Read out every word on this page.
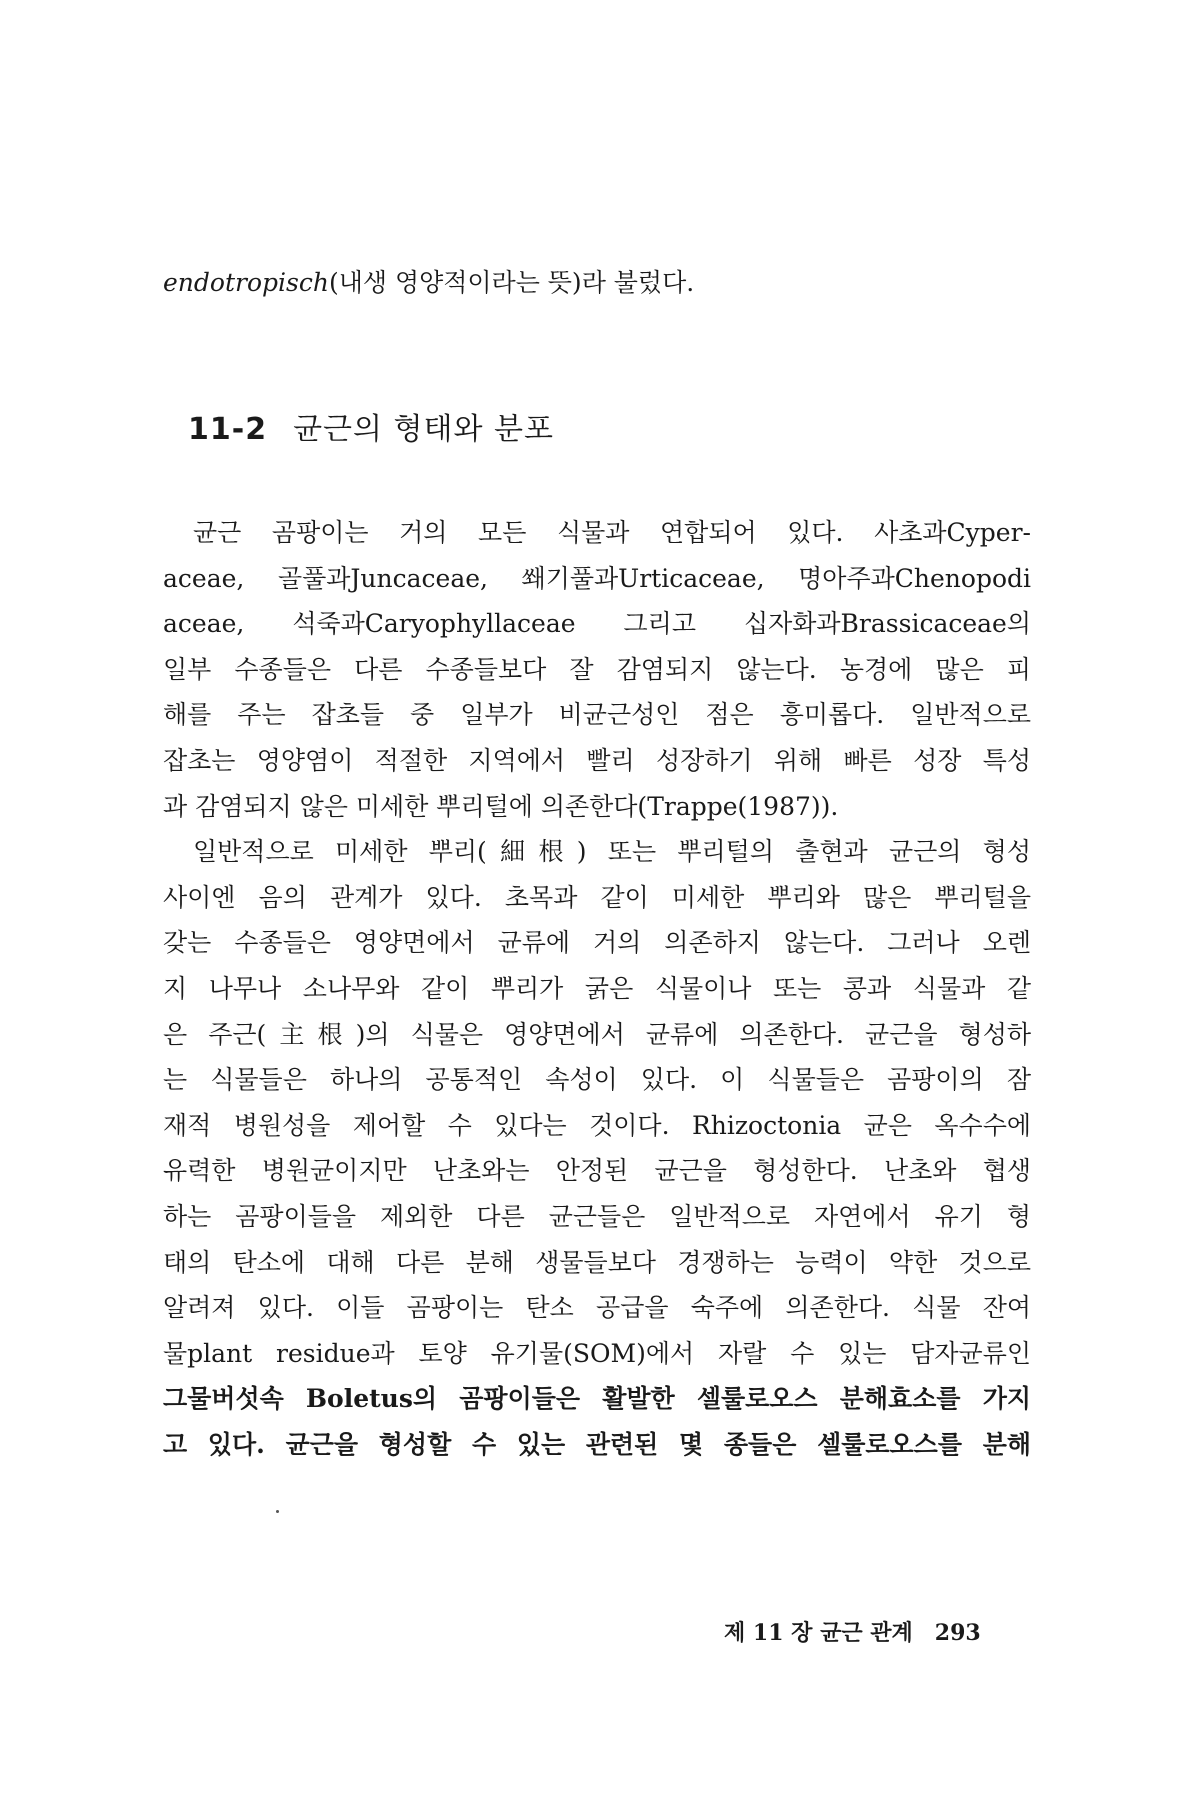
endotropisch(내생 영양적이라는 뜻)라 불렀다.
11-2 균근의 형태와 분포
균근 곰팡이는 거의 모든 식물과 연합되어 있다. 사초과Cyper-
aceae, 골풀과Juncaceae, 쐐기풀과Urticaceae, 명아주과Chenopodi
aceae, 석죽과Caryophyllaceae 그리고 십자화과Brassicaceae의
일부 수종들은 다른 수종들보다 잘 감염되지 않는다. 농경에 많은 피
해를 주는 잡초들 중 일부가 비균근성인 점은 흥미롭다. 일반적으로
잡초는 영양염이 적절한 지역에서 빨리 성장하기 위해 빠른 성장 특성
과 감염되지 않은 미세한 뿌리털에 의존한다(Trappe(1987)).
일반적으로 미세한 뿌리(細根) 또는 뿌리털의 출현과 균근의 형성
사이엔 음의 관계가 있다. 초목과 같이 미세한 뿌리와 많은 뿌리털을
갖는 수종들은 영양면에서 균류에 거의 의존하지 않는다. 그러나 오렌
지 나무나 소나무와 같이 뿌리가 굵은 식물이나 또는 콩과 식물과 같
은 주근(主根)의 식물은 영양면에서 균류에 의존한다. 균근을 형성하
는 식물들은 하나의 공통적인 속성이 있다. 이 식물들은 곰팡이의 잠
재적 병원성을 제어할 수 있다는 것이다. Rhizoctonia 균은 옥수수에
유력한 병원균이지만 난초와는 안정된 균근을 형성한다. 난초와 협생
하는 곰팡이들을 제외한 다른 균근들은 일반적으로 자연에서 유기 형
태의 탄소에 대해 다른 분해 생물들보다 경쟁하는 능력이 약한 것으로
알려져 있다. 이들 곰팡이는 탄소 공급을 숙주에 의존한다. 식물 잔여
물plant residue과 토양 유기물(SOM)에서 자랄 수 있는 담자균류인
그물버섯속 Boletus의 곰팡이들은 활발한 셀룰로오스 분해효소를 가지
고 있다. 균근을 형성할 수 있는 관련된 몇 종들은 셀룰로오스를 분해
제 11 장 균근 관계 293
